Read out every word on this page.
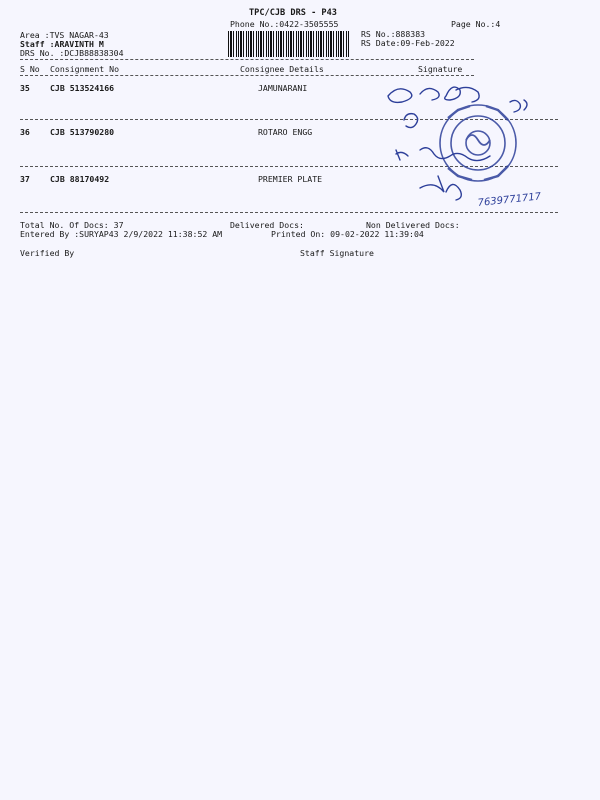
TPC/CJB DRS - P43
Phone No.:0422-3505555	Page No.:4
Area :TVS NAGAR-43
Staff :ARAVINTH M
DRS No. :DCJB88838304
RS No.:888383
RS Date:09-Feb-2022
S No Consignment No	Consignee Details	Signature
35 CJB 513524166	JAMUNARANI
36 CJB 513790280	ROTARO ENGG
37 CJB 88170492	PREMIER PLATE
Total No. Of Docs: 37	Delivered Docs:	Non Delivered Docs:
Entered By :SURYAP43 2/9/2022 11:38:52 AM	Printed On: 09-02-2022 11:39:04
Verified By	Staff Signature
7639771717
